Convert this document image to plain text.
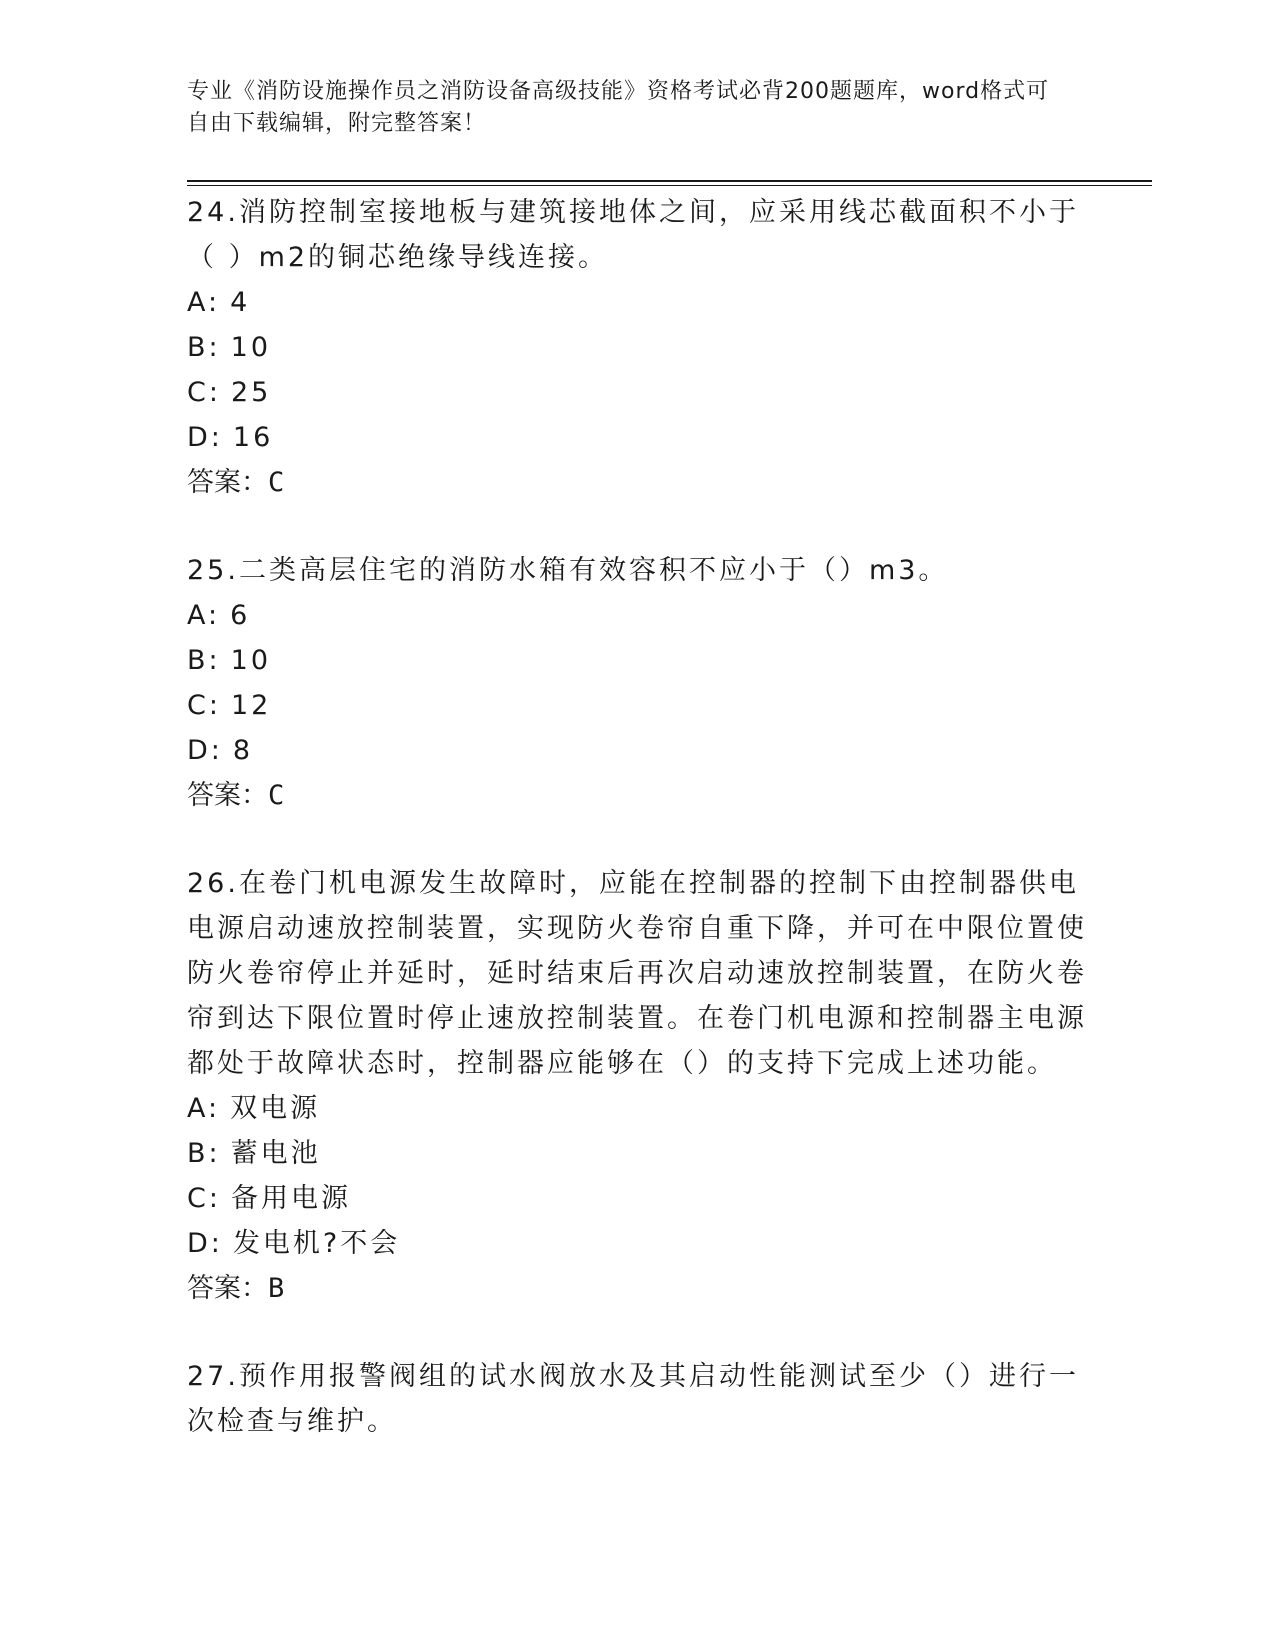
专业《消防设施操作员之消防设备高级技能》资格考试必背200题题库，word格式可自由下载编辑，附完整答案！

24.消防控制室接地板与建筑接地体之间，应采用线芯截面积不小于（ ）m2的铜芯绝缘导线连接。

A: 4

B: 10

C: 25

D: 16

答案：C

25.二类高层住宅的消防水箱有效容积不应小于（）m3。

A: 6

B: 10

C: 12

D: 8

答案：C

26.在卷门机电源发生故障时，应能在控制器的控制下由控制器供电电源启动速放控制装置，实现防火卷帘自重下降，并可在中限位置使防火卷帘停止并延时，延时结束后再次启动速放控制装置，在防火卷帘到达下限位置时停止速放控制装置。在卷门机电源和控制器主电源都处于故障状态时，控制器应能够在（）的支持下完成上述功能。

A: 双电源

B: 蓄电池

C: 备用电源

D: 发电机?不会

答案：B

27.预作用报警阀组的试水阀放水及其启动性能测试至少（）进行一次检查与维护。
